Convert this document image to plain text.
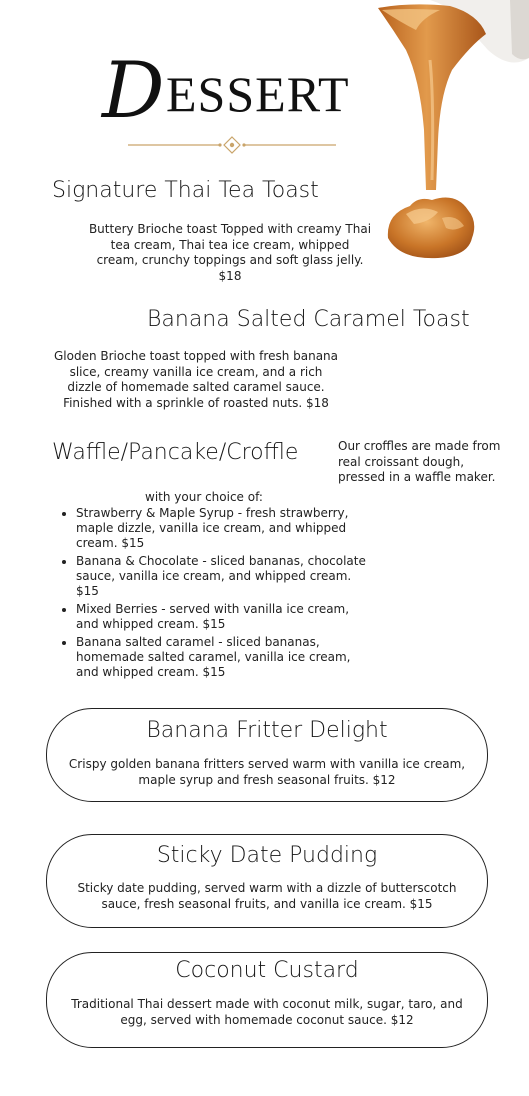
D ESSERT
Signature Thai Tea Toast

Buttery Brioche toast Topped with creamy Thai tea cream, Thai tea ice cream, whipped cream, crunchy toppings and soft glass jelly. $18

Banana Salted Caramel Toast

Gloden Brioche toast topped with fresh banana slice, creamy vanilla ice cream, and a rich dizzle of homemade salted caramel sauce. Finished with a sprinkle of roasted nuts. $18

Waffle/Pancake/Croffle	Our croffles are made from real croissant dough, pressed in a waffle maker.

with your choice of:

• Strawberry & Maple Syrup - fresh strawberry, maple dizzle, vanilla ice cream, and whipped cream. $15
• Banana & Chocolate - sliced bananas, chocolate sauce, vanilla ice cream, and whipped cream. $15
• Mixed Berries - served with vanilla ice cream, and whipped cream. $15
• Banana salted caramel - sliced bananas, homemade salted caramel, vanilla ice cream, and whipped cream. $15
Banana Fritter Delight

Crispy golden banana fritters served warm with vanilla ice cream, maple syrup and fresh seasonal fruits. $12

Sticky Date Pudding

Sticky date pudding, served warm with a dizzle of butterscotch sauce, fresh seasonal fruits, and vanilla ice cream. $15

Coconut Custard

Traditional Thai dessert made with coconut milk, sugar, taro, and egg, served with homemade coconut sauce. $12
